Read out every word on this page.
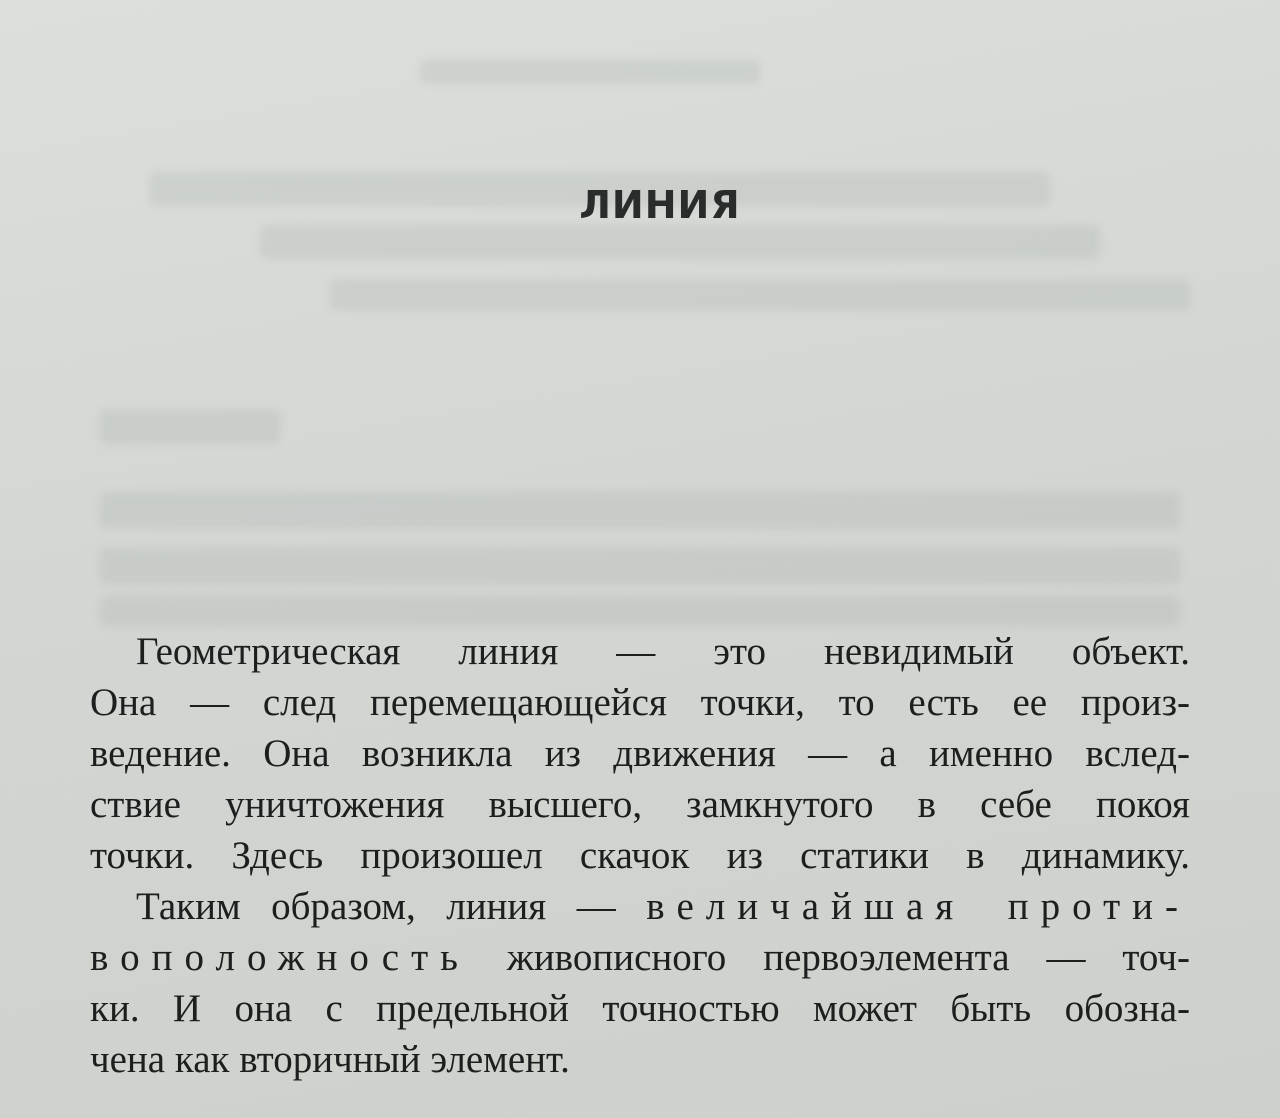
ЛИНИЯ
Геометрическая линия — это невидимый объект.
Она — след перемещающейся точки, то есть ее произ-
ведение. Она возникла из движения — а именно вслед-
ствие уничтожения высшего, замкнутого в себе покоя
точки. Здесь произошел скачок из статики в динамику.
Таким образом, линия — величайшая проти-
воположность живописного первоэлемента — точ-
ки. И она с предельной точностью может быть обозна-
чена как вторичный элемент.
